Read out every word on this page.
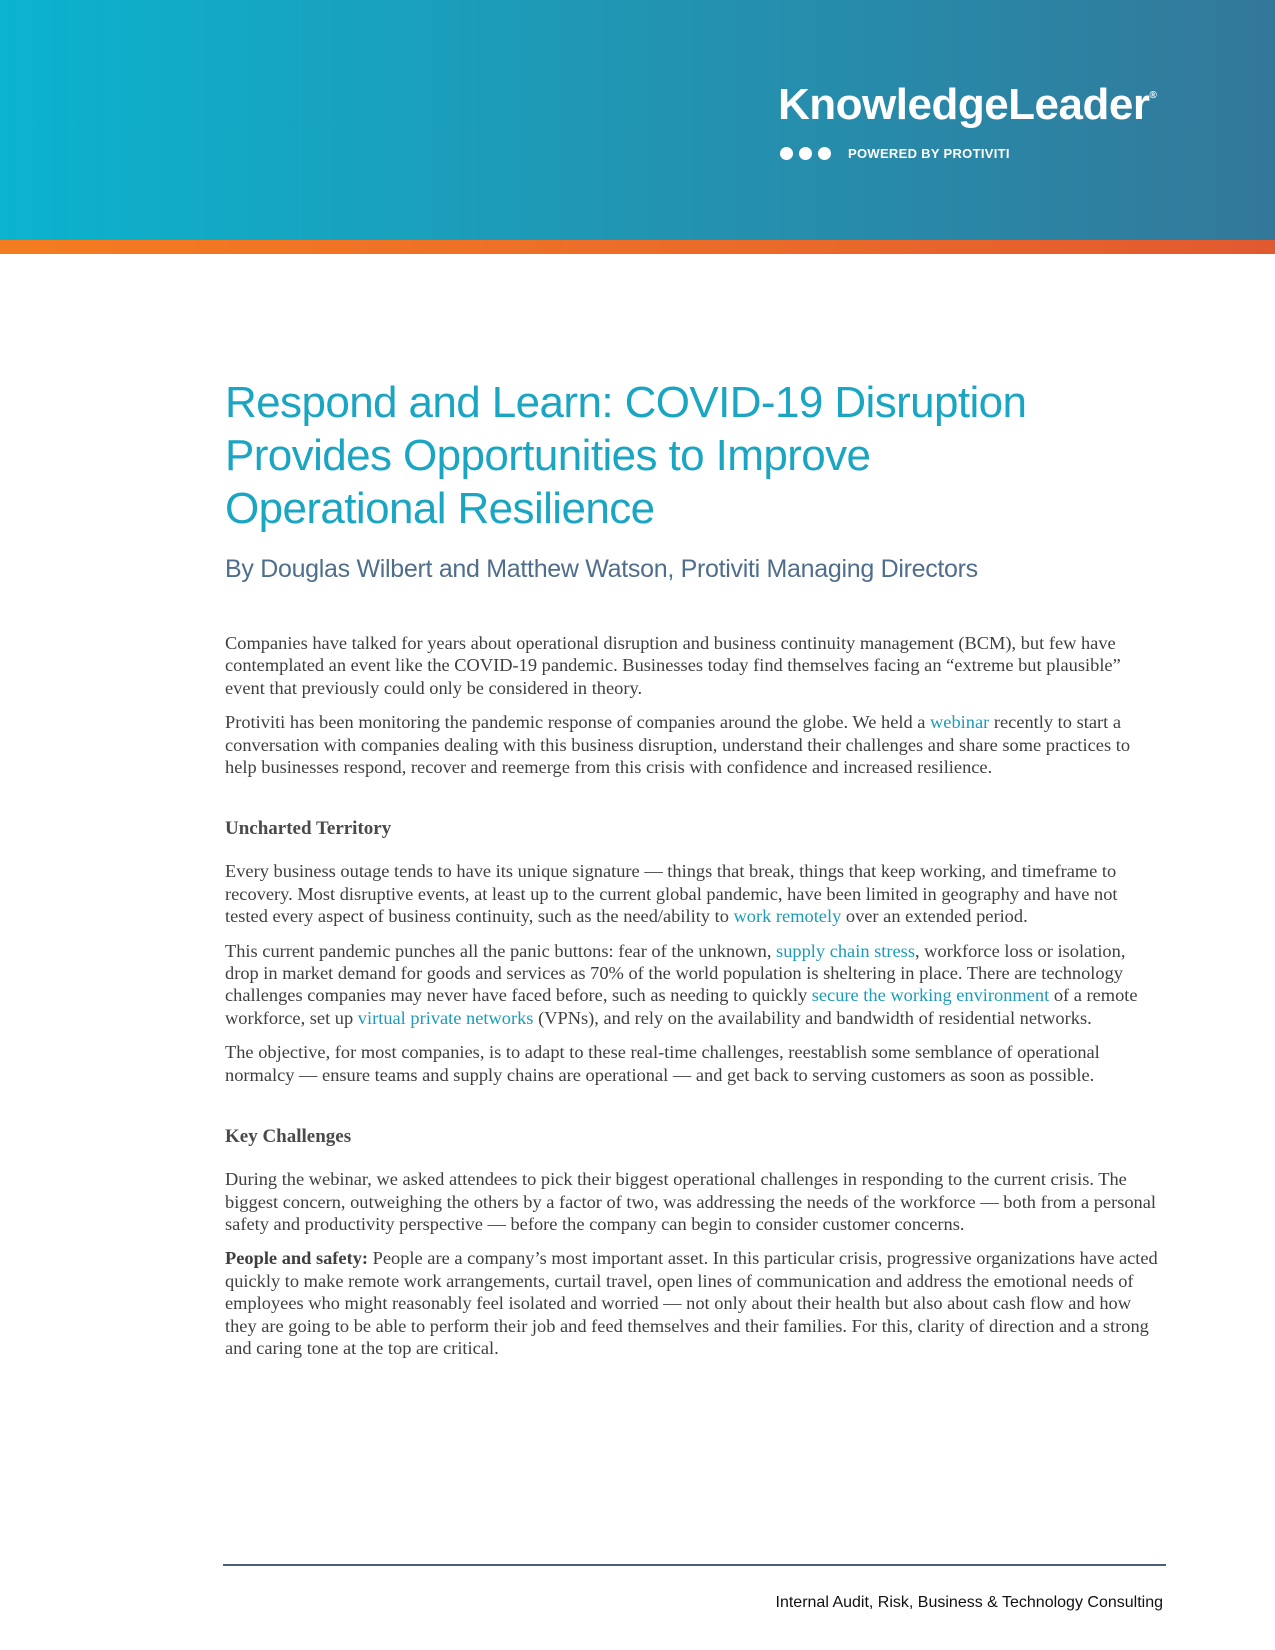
KnowledgeLeader®
POWERED BY PROTIVITI
Respond and Learn: COVID-19 Disruption
Provides Opportunities to Improve
Operational Resilience
By Douglas Wilbert and Matthew Watson, Protiviti Managing Directors

Companies have talked for years about operational disruption and business continuity management (BCM), but few have contemplated an event like the COVID-19 pandemic. Businesses today find themselves facing an “extreme but plausible” event that previously could only be considered in theory.

Protiviti has been monitoring the pandemic response of companies around the globe. We held a webinar recently to start a conversation with companies dealing with this business disruption, understand their challenges and share some practices to help businesses respond, recover and reemerge from this crisis with confidence and increased resilience.

Uncharted Territory

Every business outage tends to have its unique signature — things that break, things that keep working, and timeframe to recovery. Most disruptive events, at least up to the current global pandemic, have been limited in geography and have not tested every aspect of business continuity, such as the need/ability to work remotely over an extended period.

This current pandemic punches all the panic buttons: fear of the unknown, supply chain stress, workforce loss or isolation, drop in market demand for goods and services as 70% of the world population is sheltering in place. There are technology challenges companies may never have faced before, such as needing to quickly secure the working environment of a remote workforce, set up virtual private networks (VPNs), and rely on the availability and bandwidth of residential networks.

The objective, for most companies, is to adapt to these real-time challenges, reestablish some semblance of operational normalcy — ensure teams and supply chains are operational — and get back to serving customers as soon as possible.

Key Challenges

During the webinar, we asked attendees to pick their biggest operational challenges in responding to the current crisis. The biggest concern, outweighing the others by a factor of two, was addressing the needs of the workforce — both from a personal safety and productivity perspective — before the company can begin to consider customer concerns.

People and safety: People are a company’s most important asset. In this particular crisis, progressive organizations have acted quickly to make remote work arrangements, curtail travel, open lines of communication and address the emotional needs of employees who might reasonably feel isolated and worried — not only about their health but also about cash flow and how they are going to be able to perform their job and feed themselves and their families. For this, clarity of direction and a strong and caring tone at the top are critical.

Internal Audit, Risk, Business & Technology Consulting
